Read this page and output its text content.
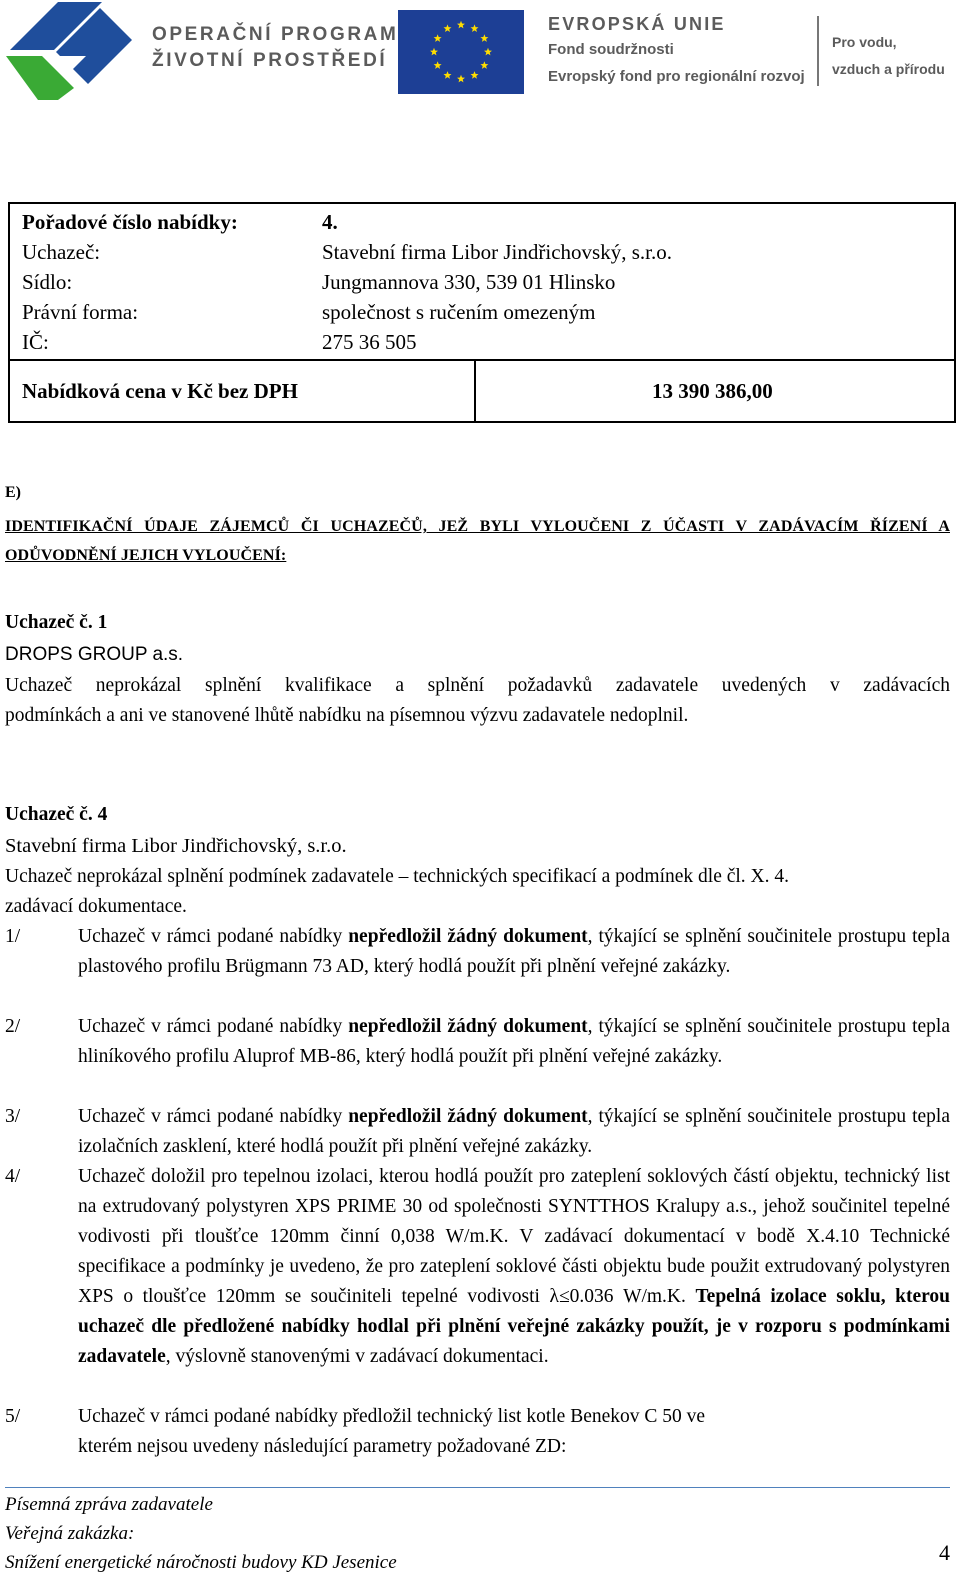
OPERAČNÍ PROGRAM
ŽIVOTNÍ PROSTŘEDÍ
EVROPSKÁ UNIE
Fond soudržnosti
Evropský fond pro regionální rozvoj
Pro vodu,
vzduch a přírodu
Pořadové číslo nabídky:	4.
Uchazeč:	Stavební firma Libor Jindřichovský, s.r.o.
Sídlo:	Jungmannova 330, 539 01 Hlinsko
Právní forma:	společnost s ručením omezeným
IČ:	275 36 505
Nabídková cena v Kč bez DPH	13 390 386,00
E)
IDENTIFIKAČNÍ ÚDAJE ZÁJEMCŮ ČI UCHAZEČŮ, JEŽ BYLI VYLOUČENI Z ÚČASTI V ZADÁVACÍM ŘÍZENÍ A ODŮVODNĚNÍ JEJICH VYLOUČENÍ:
Uchazeč č. 1
DROPS GROUP a.s.
Uchazeč neprokázal splnění kvalifikace a splnění požadavků zadavatele uvedených v zadávacích
podmínkách a ani ve stanovené lhůtě nabídku na písemnou výzvu zadavatele nedoplnil.
Uchazeč č. 4
Stavební firma Libor Jindřichovský, s.r.o.
Uchazeč neprokázal splnění podmínek zadavatele – technických specifikací a podmínek dle čl. X. 4.
zadávací dokumentace.
1/	Uchazeč v rámci podané nabídky nepředložil žádný dokument, týkající se splnění součinitele prostupu tepla plastového profilu Brügmann 73 AD, který hodlá použít při plnění veřejné zakázky.
2/	Uchazeč v rámci podané nabídky nepředložil žádný dokument, týkající se splnění součinitele prostupu tepla hliníkového profilu Aluprof MB-86, který hodlá použít při plnění veřejné zakázky.
3/	Uchazeč v rámci podané nabídky nepředložil žádný dokument, týkající se splnění součinitele prostupu tepla izolačních zasklení, které hodlá použít při plnění veřejné zakázky.
4/	Uchazeč doložil pro tepelnou izolaci, kterou hodlá použít pro zateplení soklových částí objektu, technický list na extrudovaný polystyren XPS PRIME 30 od společnosti SYNTTHOS Kralupy a.s., jehož součinitel tepelné vodivosti při tloušťce 120mm činní 0,038 W/m.K. V zadávací dokumentací v bodě X.4.10 Technické specifikace a podmínky je uvedeno, že pro zateplení soklové části objektu bude použit extrudovaný polystyren XPS o tloušťce 120mm se součiniteli tepelné vodivosti λ≤0.036 W/m.K. Tepelná izolace soklu, kterou uchazeč dle předložené nabídky hodlal při plnění veřejné zakázky použít, je v rozporu s podmínkami zadavatele, výslovně stanovenými v zadávací dokumentaci.
5/	Uchazeč v rámci podané nabídky předložil technický list kotle Benekov C 50 ve
kterém nejsou uvedeny následující parametry požadované ZD:
Písemná zpráva zadavatele
Veřejná zakázka:
Snížení energetické náročnosti budovy KD Jesenice	4
